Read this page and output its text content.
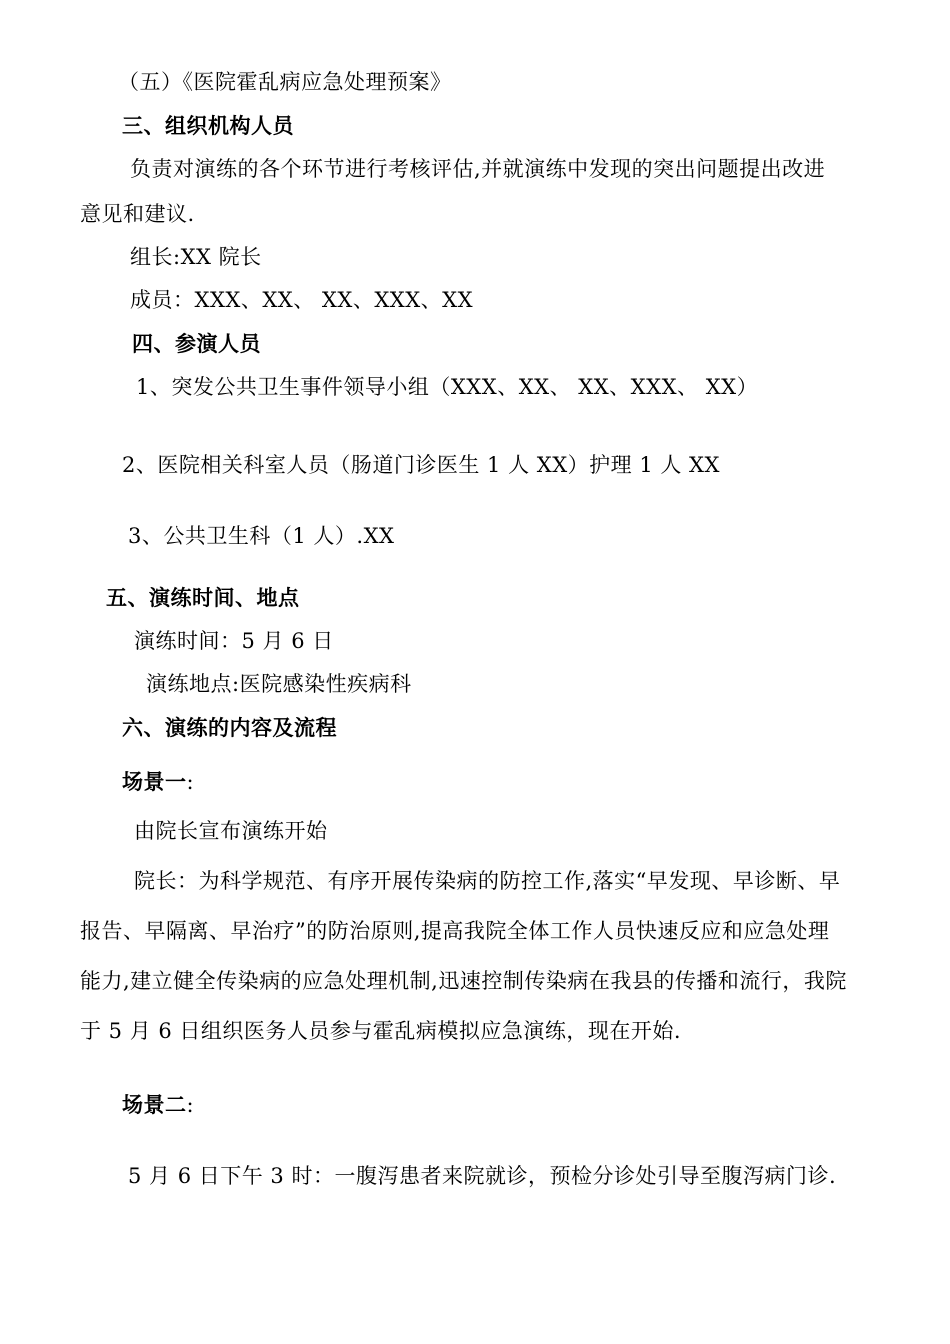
（五）《医院霍乱病应急处理预案》
三、组织机构人员
负责对演练的各个环节进行考核评估,并就演练中发现的突出问题提出改进
意见和建议.
组长:XX 院长
成员：XXX、XX、 XX、XXX、XX
四、参演人员
1、突发公共卫生事件领导小组（XXX、XX、 XX、XXX、 XX）
2、医院相关科室人员（肠道门诊医生 1 人 XX）护理 1 人 XX
3、公共卫生科（1 人）.XX
五、演练时间、地点
演练时间：5 月 6 日
演练地点:医院感染性疾病科
六、演练的内容及流程
场景一:
由院长宣布演练开始
院长：为科学规范、有序开展传染病的防控工作,落实“早发现、早诊断、早
报告、早隔离、早治疗”的防治原则,提高我院全体工作人员快速反应和应急处理
能力,建立健全传染病的应急处理机制,迅速控制传染病在我县的传播和流行，我院
于 5 月 6 日组织医务人员参与霍乱病模拟应急演练，现在开始.
场景二:
5 月 6 日下午 3 时：一腹泻患者来院就诊，预检分诊处引导至腹泻病门诊.
